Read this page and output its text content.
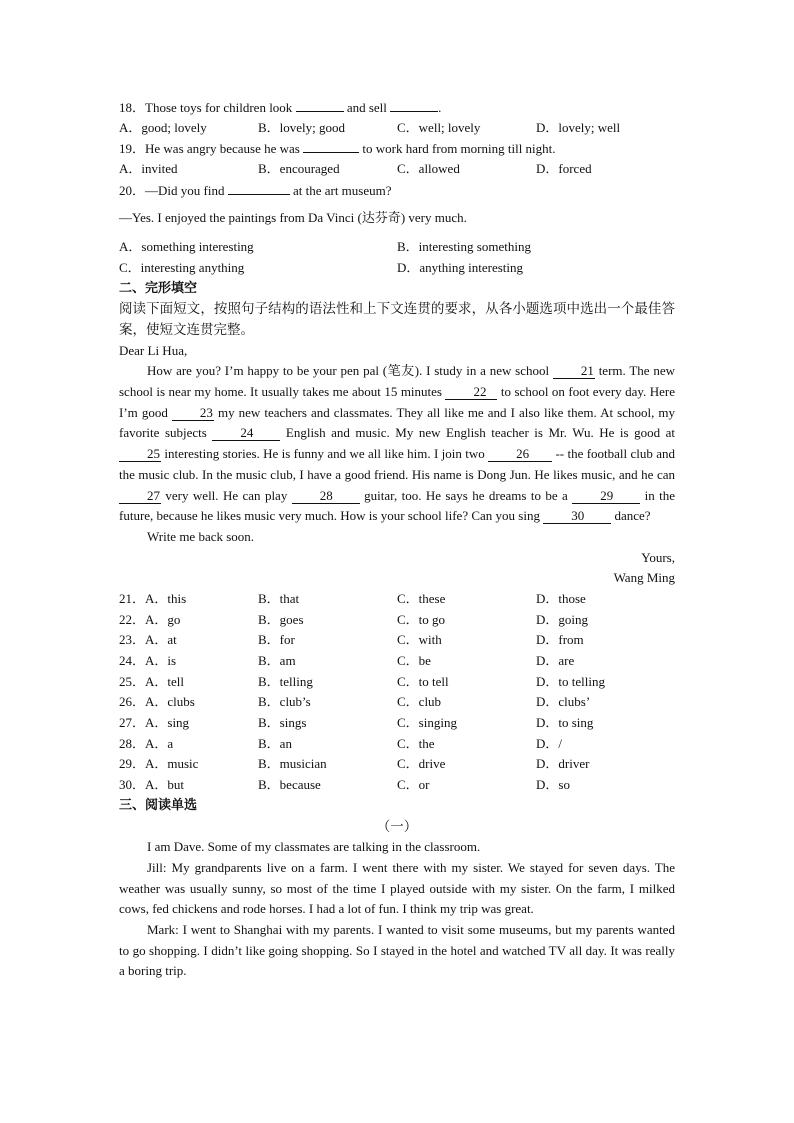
18．Those toys for children look	and sell	.
A．good; lovely	B．lovely; good	C．well; lovely	D．lovely; well
19．He was angry because he was	to work hard from morning till night.
A．invited	B．encouraged	C．allowed	D．forced
20．—Did you find	at the art museum?
—Yes. I enjoyed the paintings from Da Vinci (达芬奇) very much.
A．something interesting	B．interesting something
C．interesting anything	D．anything interesting
二、完形填空
阅读下面短文，按照句子结构的语法性和上下文连贯的要求，从各小题选项中选出一个最佳答案，使短文连贯完整。
Dear Li Hua,
How are you? I’m happy to be your pen pal (笔友). I study in a new school 21 term. The new school is near my home. It usually takes me about 15 minutes 22 to school on foot every day. Here I’m good 23 my new teachers and classmates. They all like me and I also like them. At school, my favorite subjects	24	English and music. My new English teacher is Mr. Wu. He is good at 25 interesting stories. He is funny and we all like him. I join two 26 -- the football club and the music club. In the music club, I have a good friend. His name is Dong Jun. He likes music, and he can 27 very well. He can play 28 guitar, too. He says he dreams to be a 29 in the future, because he likes music very much. How is your school life? Can you sing 30 dance?
Write me back soon.
Yours,
Wang Ming
21．A．this	B．that	C．these	D．those
22．A．go	B．goes	C．to go	D．going
23．A．at	B．for	C．with	D．from
24．A．is	B．am	C．be	D．are
25．A．tell	B．telling	C．to tell	D．to telling
26．A．clubs	B．club’s	C．club	D．clubs’
27．A．sing	B．sings	C．singing	D．to sing
28．A．a	B．an	C．the	D．/
29．A．music	B．musician	C．drive	D．driver
30．A．but	B．because	C．or	D．so
三、阅读单选
（一）
I am Dave. Some of my classmates are talking in the classroom.
Jill: My grandparents live on a farm. I went there with my sister. We stayed for seven days. The weather was usually sunny, so most of the time I played outside with my sister. On the farm, I milked cows, fed chickens and rode horses. I had a lot of fun. I think my trip was great.
Mark: I went to Shanghai with my parents. I wanted to visit some museums, but my parents wanted to go shopping. I didn’t like going shopping. So I stayed in the hotel and watched TV all day. It was really a boring trip.
